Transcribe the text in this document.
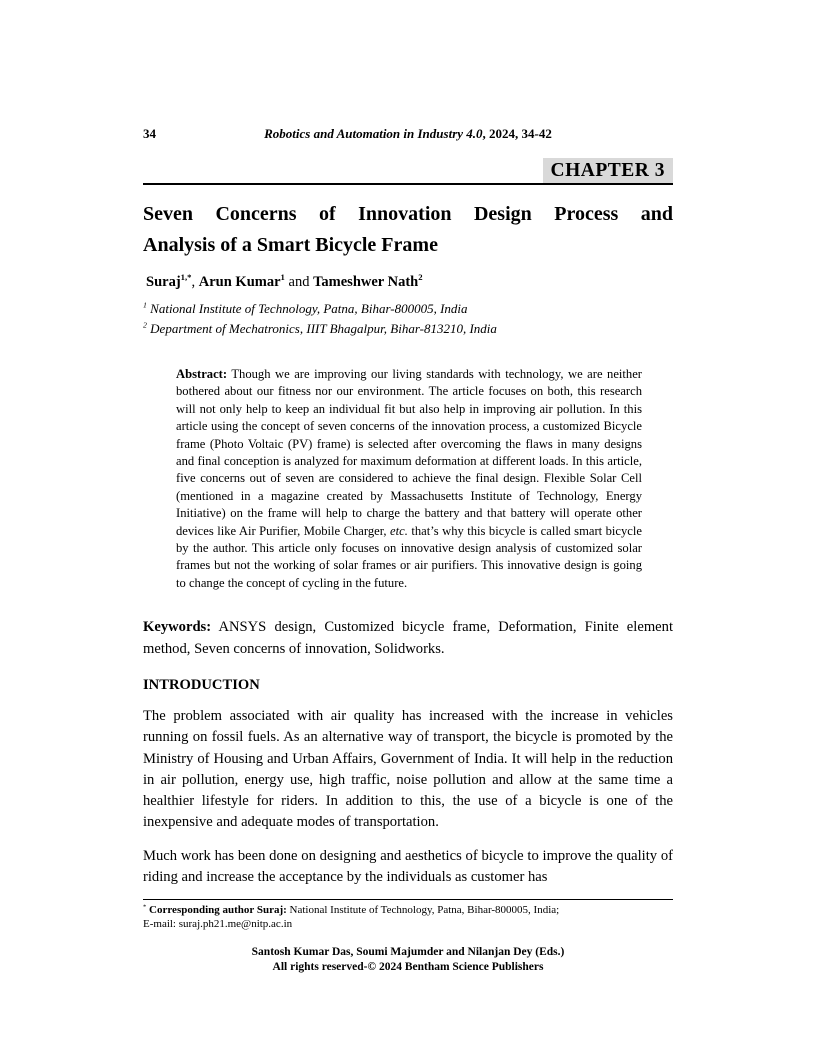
34	Robotics and Automation in Industry 4.0, 2024, 34-42
CHAPTER 3
Seven Concerns of Innovation Design Process and
Analysis of a Smart Bicycle Frame
Suraj$^{1,*}$, Arun Kumar$^1$ and Tameshwer Nath$^2$
$^1$ National Institute of Technology, Patna, Bihar-800005, India
$^2$ Department of Mechatronics, IIIT Bhagalpur, Bihar-813210, India
Abstract: Though we are improving our living standards with technology, we are neither bothered about our fitness nor our environment. The article focuses on both, this research will not only help to keep an individual fit but also help in improving air pollution. In this article using the concept of seven concerns of the innovation process, a customized Bicycle frame (Photo Voltaic (PV) frame) is selected after overcoming the flaws in many designs and final conception is analyzed for maximum deformation at different loads. In this article, five concerns out of seven are considered to achieve the final design. Flexible Solar Cell (mentioned in a magazine created by Massachusetts Institute of Technology, Energy Initiative) on the frame will help to charge the battery and that battery will operate other devices like Air Purifier, Mobile Charger, etc. that’s why this bicycle is called smart bicycle by the author. This article only focuses on innovative design analysis of customized solar frames but not the working of solar frames or air purifiers. This innovative design is going to change the concept of cycling in the future.
Keywords: ANSYS design, Customized bicycle frame, Deformation, Finite element method, Seven concerns of innovation, Solidworks.
INTRODUCTION

The problem associated with air quality has increased with the increase in vehicles running on fossil fuels. As an alternative way of transport, the bicycle is promoted by the Ministry of Housing and Urban Affairs, Government of India. It will help in the reduction in air pollution, energy use, high traffic, noise pollution and allow at the same time a healthier lifestyle for riders. In addition to this, the use of a bicycle is one of the inexpensive and adequate modes of transportation.

Much work has been done on designing and aesthetics of bicycle to improve the quality of riding and increase the acceptance by the individuals as customer has

* Corresponding author Suraj: National Institute of Technology, Patna, Bihar-800005, India;
E-mail: suraj.ph21.me@nitp.ac.in
Santosh Kumar Das, Soumi Majumder and Nilanjan Dey (Eds.)
All rights reserved-© 2024 Bentham Science Publishers
